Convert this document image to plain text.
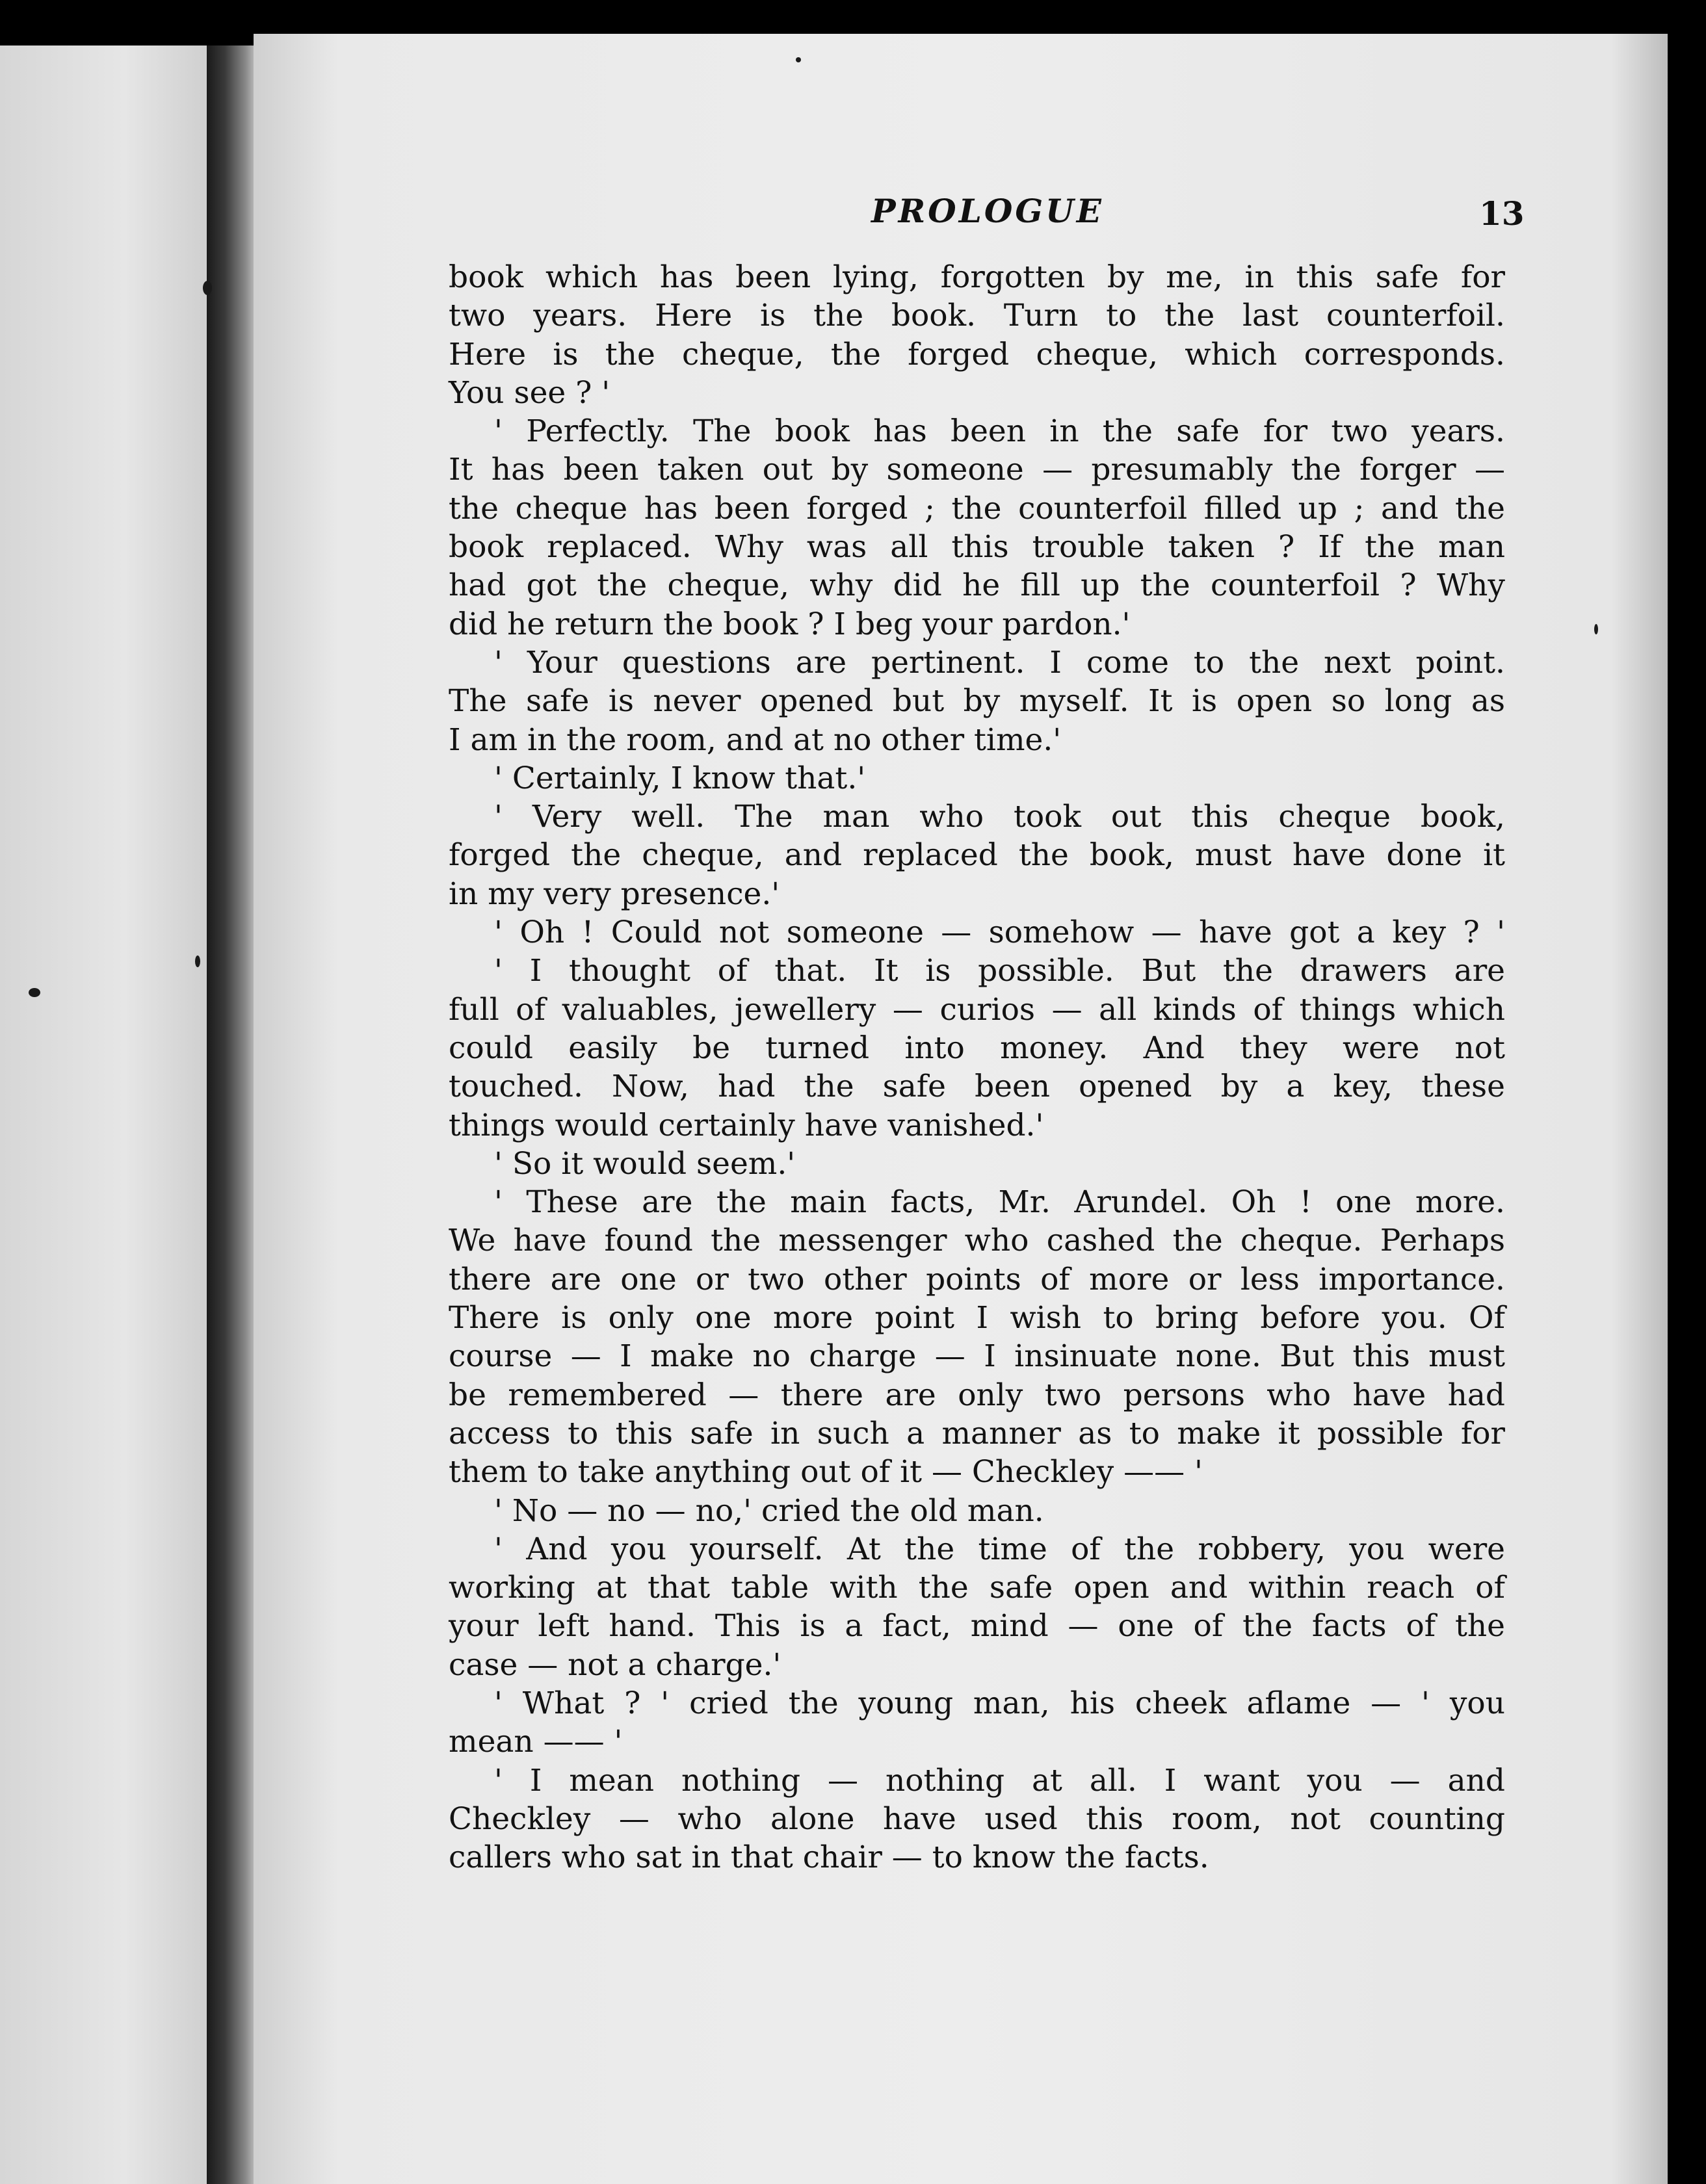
PROLOGUE	13
book which has been lying, forgotten by me, in this safe for
two years. Here is the book. Turn to the last counterfoil.
Here is the cheque, the forged cheque, which corresponds.
You see ? '
' Perfectly. The book has been in the safe for two years.
It has been taken out by someone — presumably the forger —
the cheque has been forged ; the counterfoil filled up ; and the
book replaced. Why was all this trouble taken ? If the man
had got the cheque, why did he fill up the counterfoil ? Why
did he return the book ? I beg your pardon.'
' Your questions are pertinent. I come to the next point.
The safe is never opened but by myself. It is open so long as
I am in the room, and at no other time.'
' Certainly, I know that.'
' Very well. The man who took out this cheque book,
forged the cheque, and replaced the book, must have done it
in my very presence.'
' Oh ! Could not someone — somehow — have got a key ? '
' I thought of that. It is possible. But the drawers are
full of valuables, jewellery — curios — all kinds of things which
could easily be turned into money. And they were not
touched. Now, had the safe been opened by a key, these
things would certainly have vanished.'
' So it would seem.'
' These are the main facts, Mr. Arundel. Oh ! one more.
We have found the messenger who cashed the cheque. Perhaps
there are one or two other points of more or less importance.
There is only one more point I wish to bring before you. Of
course — I make no charge — I insinuate none. But this must
be remembered — there are only two persons who have had
access to this safe in such a manner as to make it possible for
them to take anything out of it — Checkley —— '
' No — no — no,' cried the old man.
' And you yourself. At the time of the robbery, you were
working at that table with the safe open and within reach of
your left hand. This is a fact, mind — one of the facts of the
case — not a charge.'
' What ? ' cried the young man, his cheek aflame — ' you
mean —— '
' I mean nothing — nothing at all. I want you — and
Checkley — who alone have used this room, not counting
callers who sat in that chair — to know the facts.
